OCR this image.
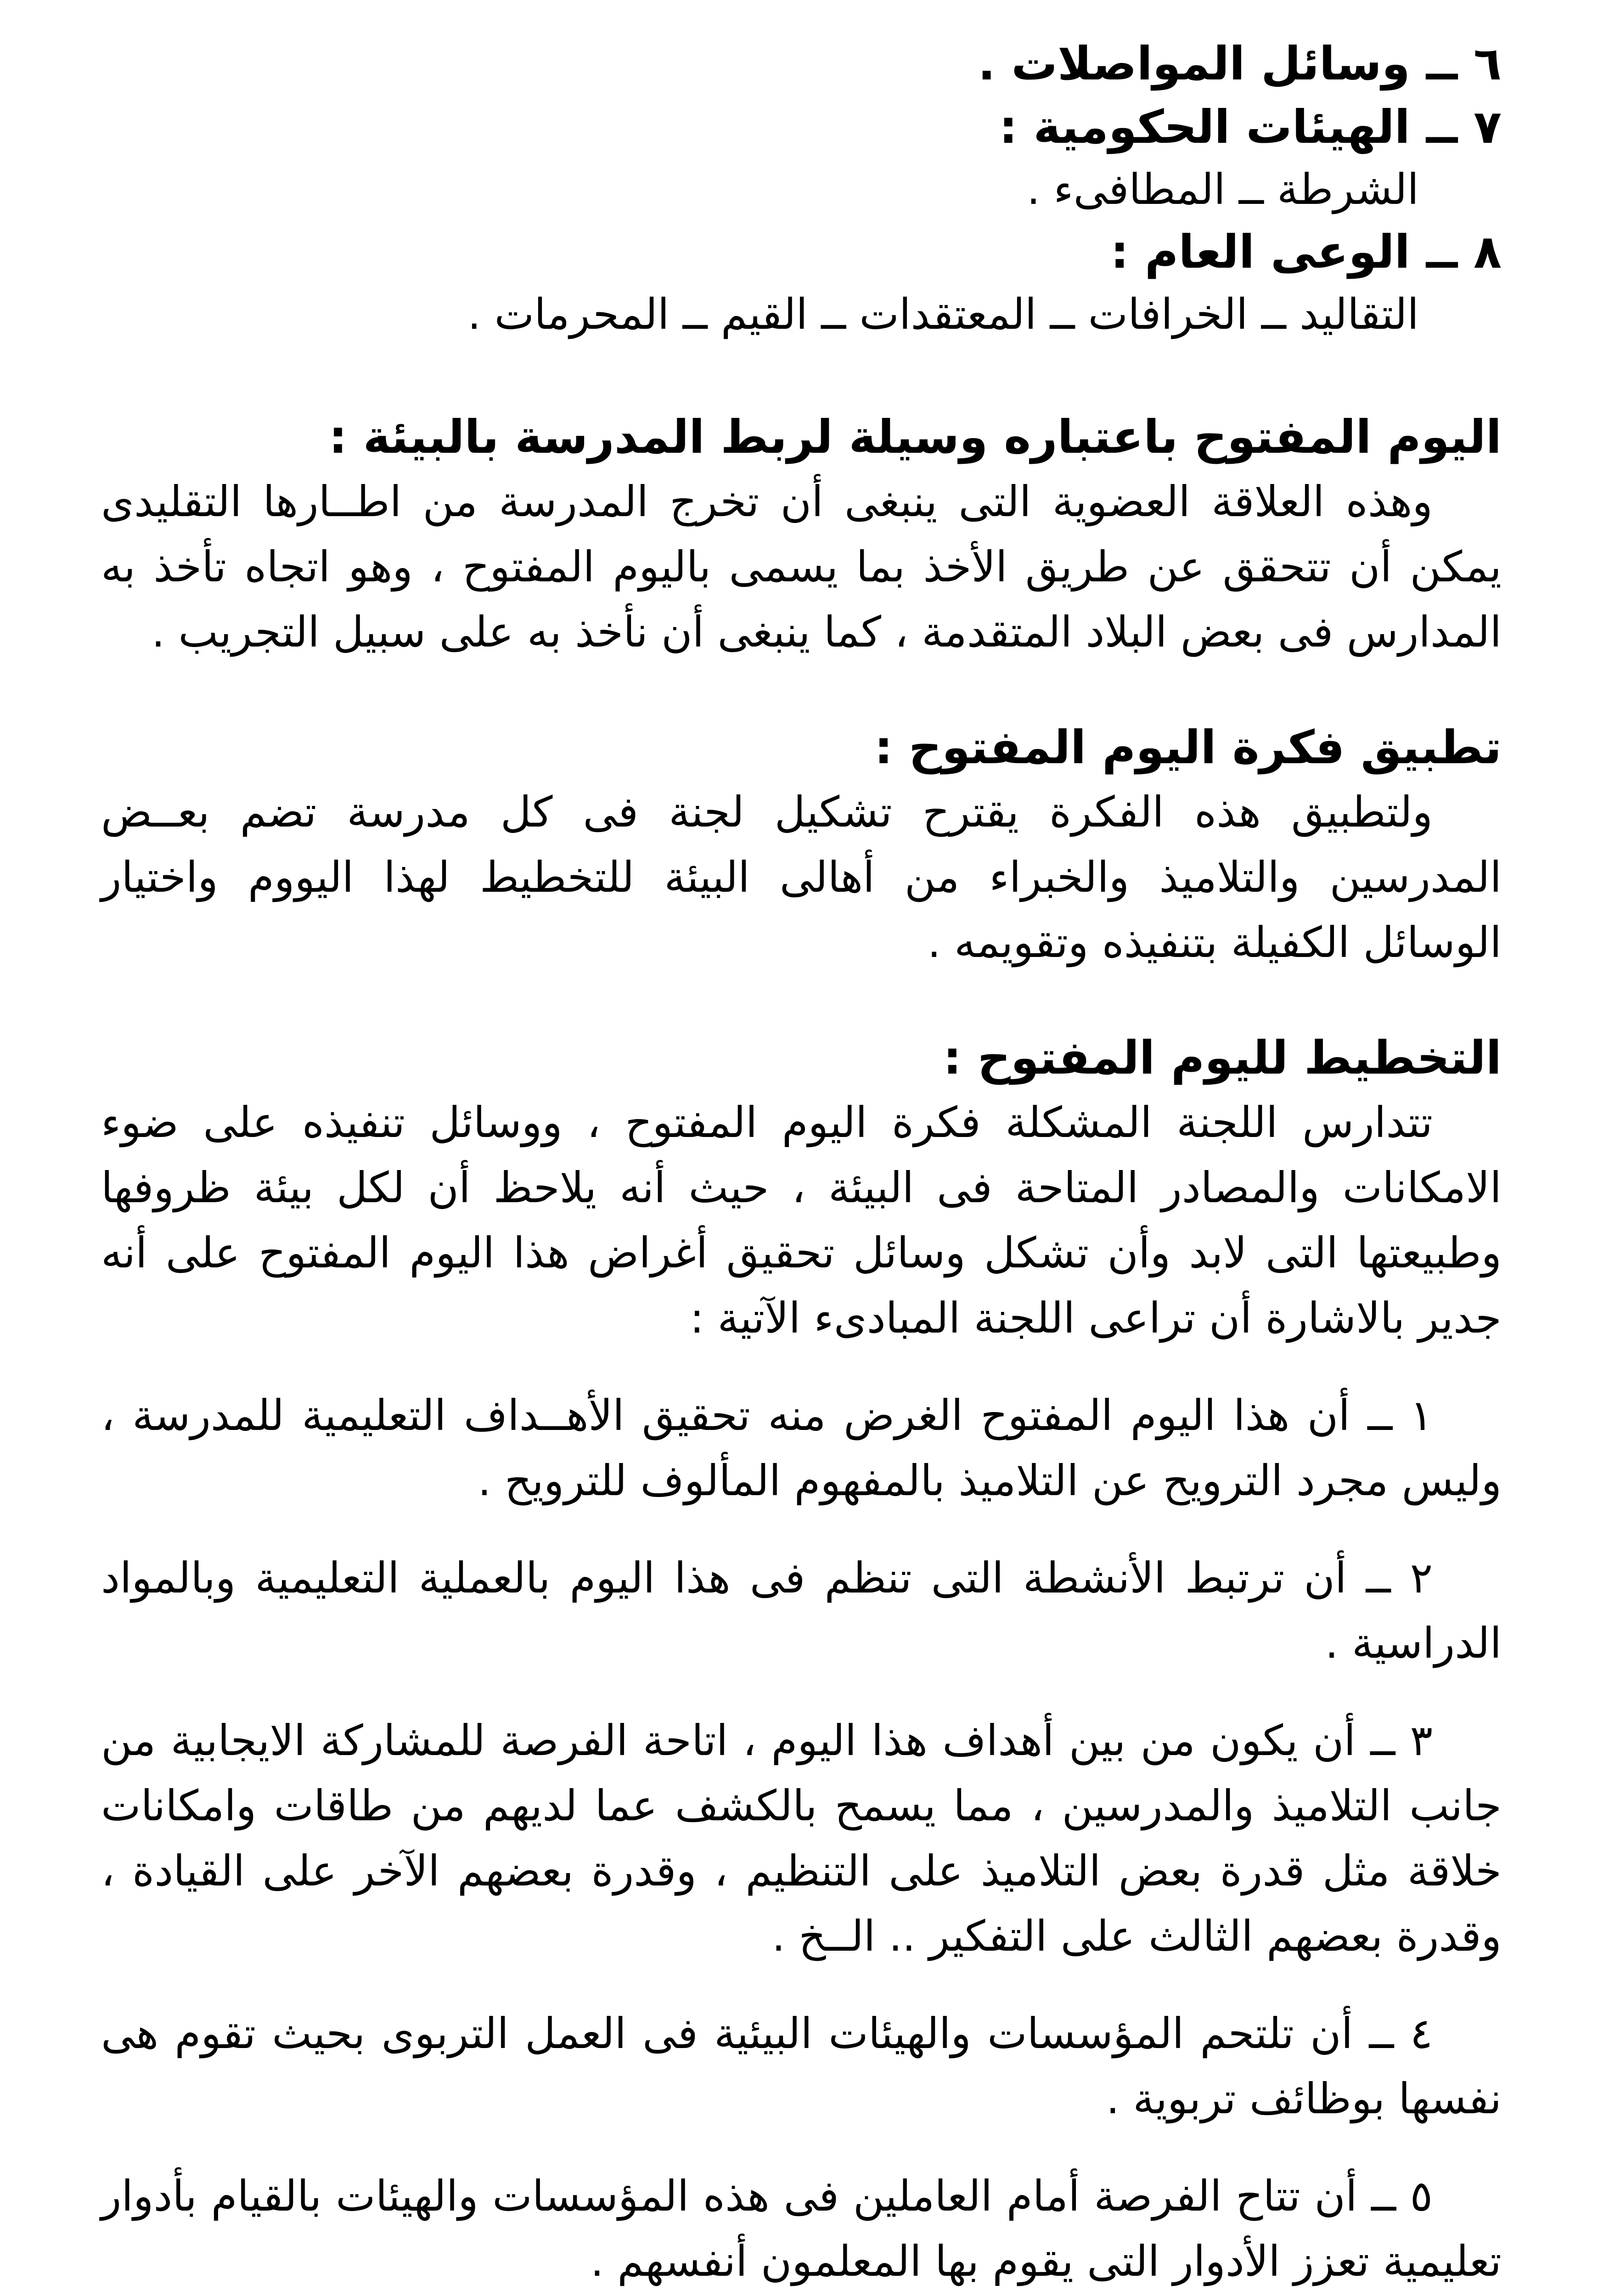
٦ ــ وسائل المواصلات .

٧ ــ الهيئات الحكومية :

الشرطة ــ المطافىء .

٨ ــ الوعى العام :

التقاليد ــ الخرافات ــ المعتقدات ــ القيم ــ المحرمات .

اليوم المفتوح باعتباره وسيلة لربط المدرسة بالبيئة :

وهذه العلاقة العضوية التى ينبغى أن تخرج المدرسة من اطــارها التقليدى يمكن أن تتحقق عن طريق الأخذ بما يسمى باليوم المفتوح ، وهو اتجاه تأخذ به المدارس فى بعض البلاد المتقدمة ، كما ينبغى أن نأخذ به على سبيل التجريب .

تطبيق فكرة اليوم المفتوح :

ولتطبيق هذه الفكرة يقترح تشكيل لجنة فى كل مدرسة تضم بعــض المدرسين والتلاميذ والخبراء من أهالى البيئة للتخطيط لهذا اليووم واختيار الوسائل الكفيلة بتنفيذه وتقويمه .

التخطيط لليوم المفتوح :

تتدارس اللجنة المشكلة فكرة اليوم المفتوح ، ووسائل تنفيذه على ضوء الامكانات والمصادر المتاحة فى البيئة ، حيث أنه يلاحظ أن لكل بيئة ظروفها وطبيعتها التى لابد وأن تشكل وسائل تحقيق أغراض هذا اليوم المفتوح على أنه جدير بالاشارة أن تراعى اللجنة المبادىء الآتية :

١ ــ أن هذا اليوم المفتوح الغرض منه تحقيق الأهــداف التعليمية للمدرسة ، وليس مجرد الترويح عن التلاميذ بالمفهوم المألوف للترويح .

٢ ــ أن ترتبط الأنشطة التى تنظم فى هذا اليوم بالعملية التعليمية وبالمواد الدراسية .

٣ ــ أن يكون من بين أهداف هذا اليوم ، اتاحة الفرصة للمشاركة الايجابية من جانب التلاميذ والمدرسين ، مما يسمح بالكشف عما لديهم من طاقات وامكانات خلاقة مثل قدرة بعض التلاميذ على التنظيم ، وقدرة بعضهم الآخر على القيادة ، وقدرة بعضهم الثالث على التفكير .. الــخ .

٤ ــ أن تلتحم المؤسسات والهيئات البيئية فى العمل التربوى بحيث تقوم هى نفسها بوظائف تربوية .

٥ ــ أن تتاح الفرصة أمام العاملين فى هذه المؤسسات والهيئات بالقيام بأدوار تعليمية تعزز الأدوار التى يقوم بها المعلمون أنفسهم .
